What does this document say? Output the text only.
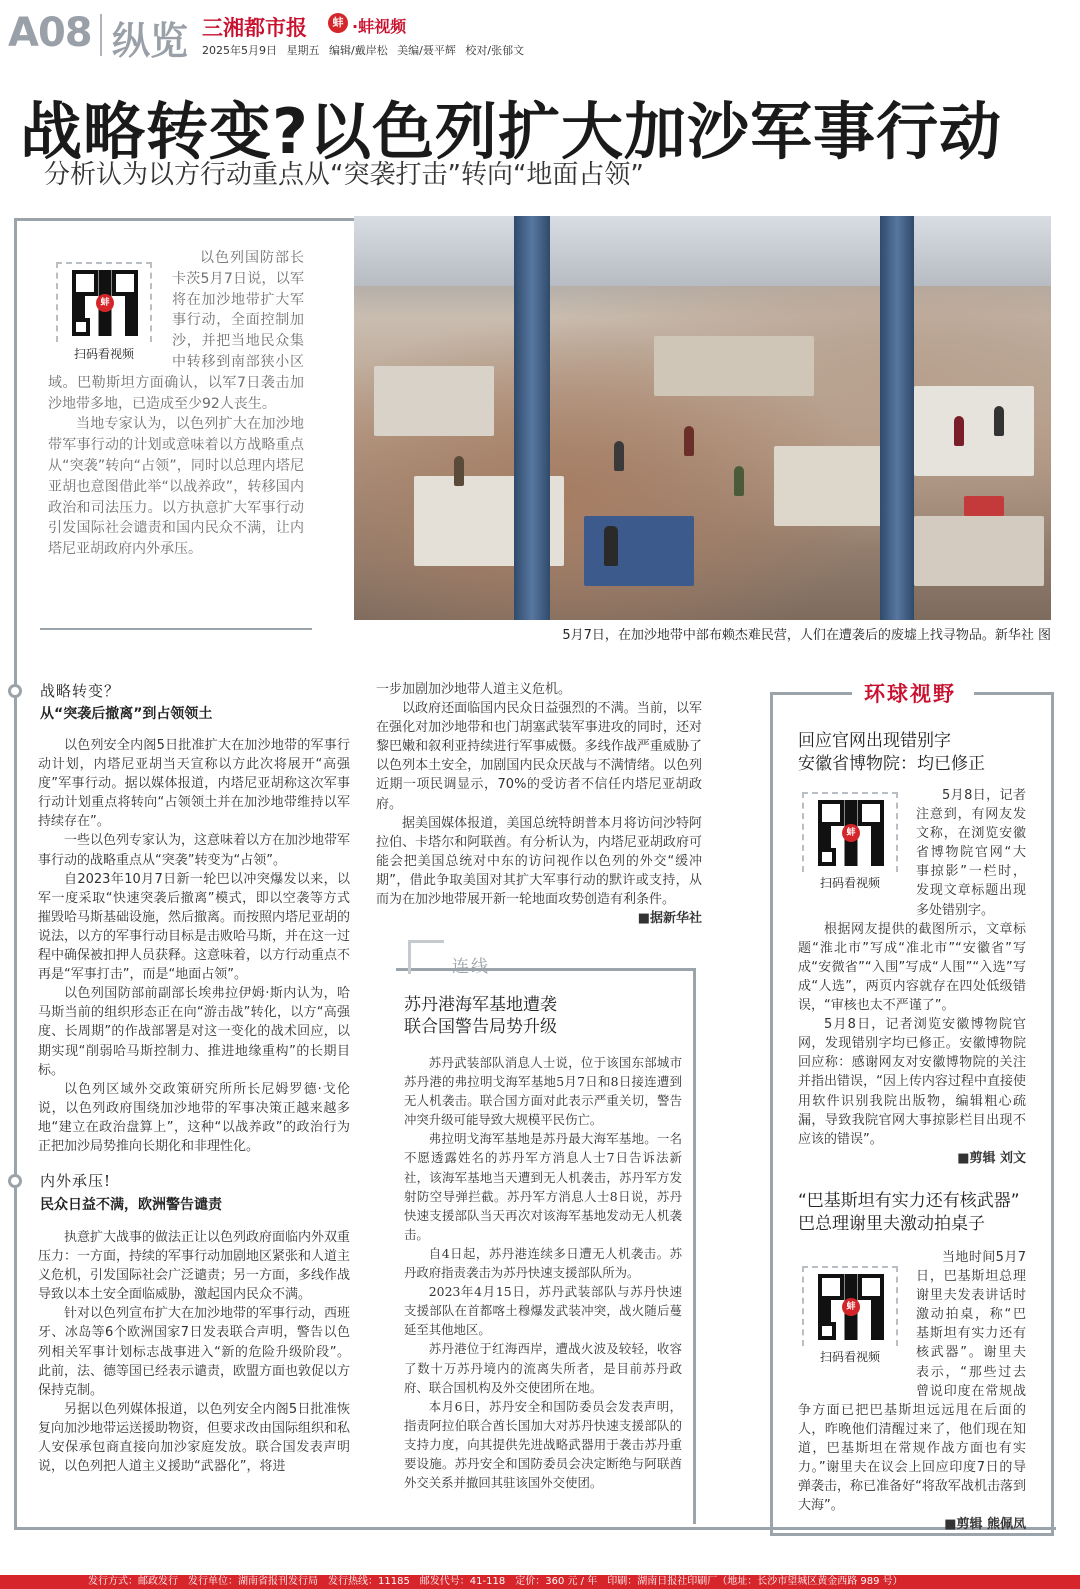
A08 纵览 三湘都市报	蚌 ·蚌视频
2025年5月9日 星期五 编辑/戴岸松 美编/聂平辉 校对/张郁文
战略转变?以色列扩大加沙军事行动
分析认为以方行动重点从“突袭打击”转向“地面占领”
蚌
扫码看视频

以色列国防部长卡茨5月7日说，以军将在加沙地带扩大军事行动，全面控制加沙，并把当地民众集中转移到南部狭小区域。巴勒斯坦方面确认，以军7日袭击加沙地带多地，已造成至少92人丧生。

当地专家认为，以色列扩大在加沙地带军事行动的计划或意味着以方战略重点从“突袭”转向“占领”，同时以总理内塔尼亚胡也意图借此举“以战养政”，转移国内政治和司法压力。以方执意扩大军事行动引发国际社会谴责和国内民众不满，让内塔尼亚胡政府内外承压。

5月7日，在加沙地带中部布赖杰难民营，人们在遭袭后的废墟上找寻物品。新华社 图
战略转变？
从“突袭后撤离”到占领领土

以色列安全内阁5日批准扩大在加沙地带的军事行动计划，内塔尼亚胡当天宣称以方此次将展开“高强度”军事行动。据以媒体报道，内塔尼亚胡称这次军事行动计划重点将转向“占领领土并在加沙地带维持以军持续存在”。

一些以色列专家认为，这意味着以方在加沙地带军事行动的战略重点从“突袭”转变为“占领”。

自2023年10月7日新一轮巴以冲突爆发以来，以军一度采取“快速突袭后撤离”模式，即以空袭等方式摧毁哈马斯基础设施，然后撤离。而按照内塔尼亚胡的说法，以方的军事行动目标是击败哈马斯，并在这一过程中确保被扣押人员获释。这意味着，以方行动重点不再是“军事打击”，而是“地面占领”。

以色列国防部前副部长埃弗拉伊姆·斯内认为，哈马斯当前的组织形态正在向“游击战”转化，以方“高强度、长周期”的作战部署是对这一变化的战术回应，以期实现“削弱哈马斯控制力、推进地缘重构”的长期目标。

以色列区域外交政策研究所所长尼姆罗德·戈伦说，以色列政府围绕加沙地带的军事决策正越来越多地“建立在政治盘算上”，这种“以战养政”的政治行为正把加沙局势推向长期化和非理性化。

内外承压!
民众日益不满，欧洲警告谴责

执意扩大战事的做法正让以色列政府面临内外双重压力：一方面，持续的军事行动加剧地区紧张和人道主义危机，引发国际社会广泛谴责；另一方面，多线作战导致以本土安全面临威胁，激起国内民众不满。

针对以色列宣布扩大在加沙地带的军事行动，西班牙、冰岛等6个欧洲国家7日发表联合声明，警告以色列相关军事计划标志战事进入“新的危险升级阶段”。此前，法、德等国已经表示谴责，欧盟方面也敦促以方保持克制。

另据以色列媒体报道，以色列安全内阁5日批准恢复向加沙地带运送援助物资，但要求改由国际组织和私人安保承包商直接向加沙家庭发放。联合国发表声明说，以色列把人道主义援助“武器化”，将进

一步加剧加沙地带人道主义危机。

以政府还面临国内民众日益强烈的不满。当前，以军在强化对加沙地带和也门胡塞武装军事进攻的同时，还对黎巴嫩和叙利亚持续进行军事威慑。多线作战严重威胁了以色列本土安全，加剧国内民众厌战与不满情绪。以色列近期一项民调显示，70%的受访者不信任内塔尼亚胡政府。

据美国媒体报道，美国总统特朗普本月将访问沙特阿拉伯、卡塔尔和阿联酋。有分析认为，内塔尼亚胡政府可能会把美国总统对中东的访问视作以色列的外交“缓冲期”，借此争取美国对其扩大军事行动的默许或支持，从而为在加沙地带展开新一轮地面攻势创造有利条件。

■据新华社
连线
苏丹港海军基地遭袭
联合国警告局势升级

苏丹武装部队消息人士说，位于该国东部城市苏丹港的弗拉明戈海军基地5月7日和8日接连遭到无人机袭击。联合国方面对此表示严重关切，警告冲突升级可能导致大规模平民伤亡。

弗拉明戈海军基地是苏丹最大海军基地。一名不愿透露姓名的苏丹军方消息人士7日告诉法新社，该海军基地当天遭到无人机袭击，苏丹军方发射防空导弹拦截。苏丹军方消息人士8日说，苏丹快速支援部队当天再次对该海军基地发动无人机袭击。

自4日起，苏丹港连续多日遭无人机袭击。苏丹政府指责袭击为苏丹快速支援部队所为。

2023年4月15日，苏丹武装部队与苏丹快速支援部队在首都喀土穆爆发武装冲突，战火随后蔓延至其他地区。

苏丹港位于红海西岸，遭战火波及较轻，收容了数十万苏丹境内的流离失所者，是目前苏丹政府、联合国机构及外交使团所在地。

本月6日，苏丹安全和国防委员会发表声明，指责阿拉伯联合酋长国加大对苏丹快速支援部队的支持力度，向其提供先进战略武器用于袭击苏丹重要设施。苏丹安全和国防委员会决定断绝与阿联酋外交关系并撤回其驻该国外交使团。

环球视野
回应官网出现错别字
安徽省博物院：均已修正
蚌
扫码看视频

5月8日，记者注意到，有网友发文称，在浏览安徽省博物院官网“大事掠影”一栏时，发现文章标题出现多处错别字。

根据网友提供的截图所示，文章标题“淮北市”写成“准北市”“安徽省”写成“安微省”“入围”写成“人围”“入选”写成“人选”，两页内容就存在四处低级错误，“审核也太不严谨了”。

5月8日，记者浏览安徽博物院官网，发现错别字均已修正。安徽博物院回应称：感谢网友对安徽博物院的关注并指出错误，“因上传内容过程中直接使用软件识别我院出版物，编辑粗心疏漏，导致我院官网大事掠影栏目出现不应该的错误”。

■剪辑 刘文
“巴基斯坦有实力还有核武器”
巴总理谢里夫激动拍桌子
蚌
扫码看视频

当地时间5月7日，巴基斯坦总理谢里夫发表讲话时激动拍桌，称“巴基斯坦有实力还有核武器”。谢里夫表示，“那些过去曾说印度在常规战争方面已把巴基斯坦远远甩在后面的人，昨晚他们清醒过来了，他们现在知道，巴基斯坦在常规作战方面也有实力。”谢里夫在议会上回应印度7日的导弹袭击，称已准备好“将敌军战机击落到大海”。

■剪辑 熊佩凤
发行方式：邮政发行　发行单位：湖南省报刊发行局　发行热线：11185　邮发代号：41-118　定价：360 元 / 年　印刷：湖南日报社印刷厂（地址：长沙市望城区黄金西路 989 号）
